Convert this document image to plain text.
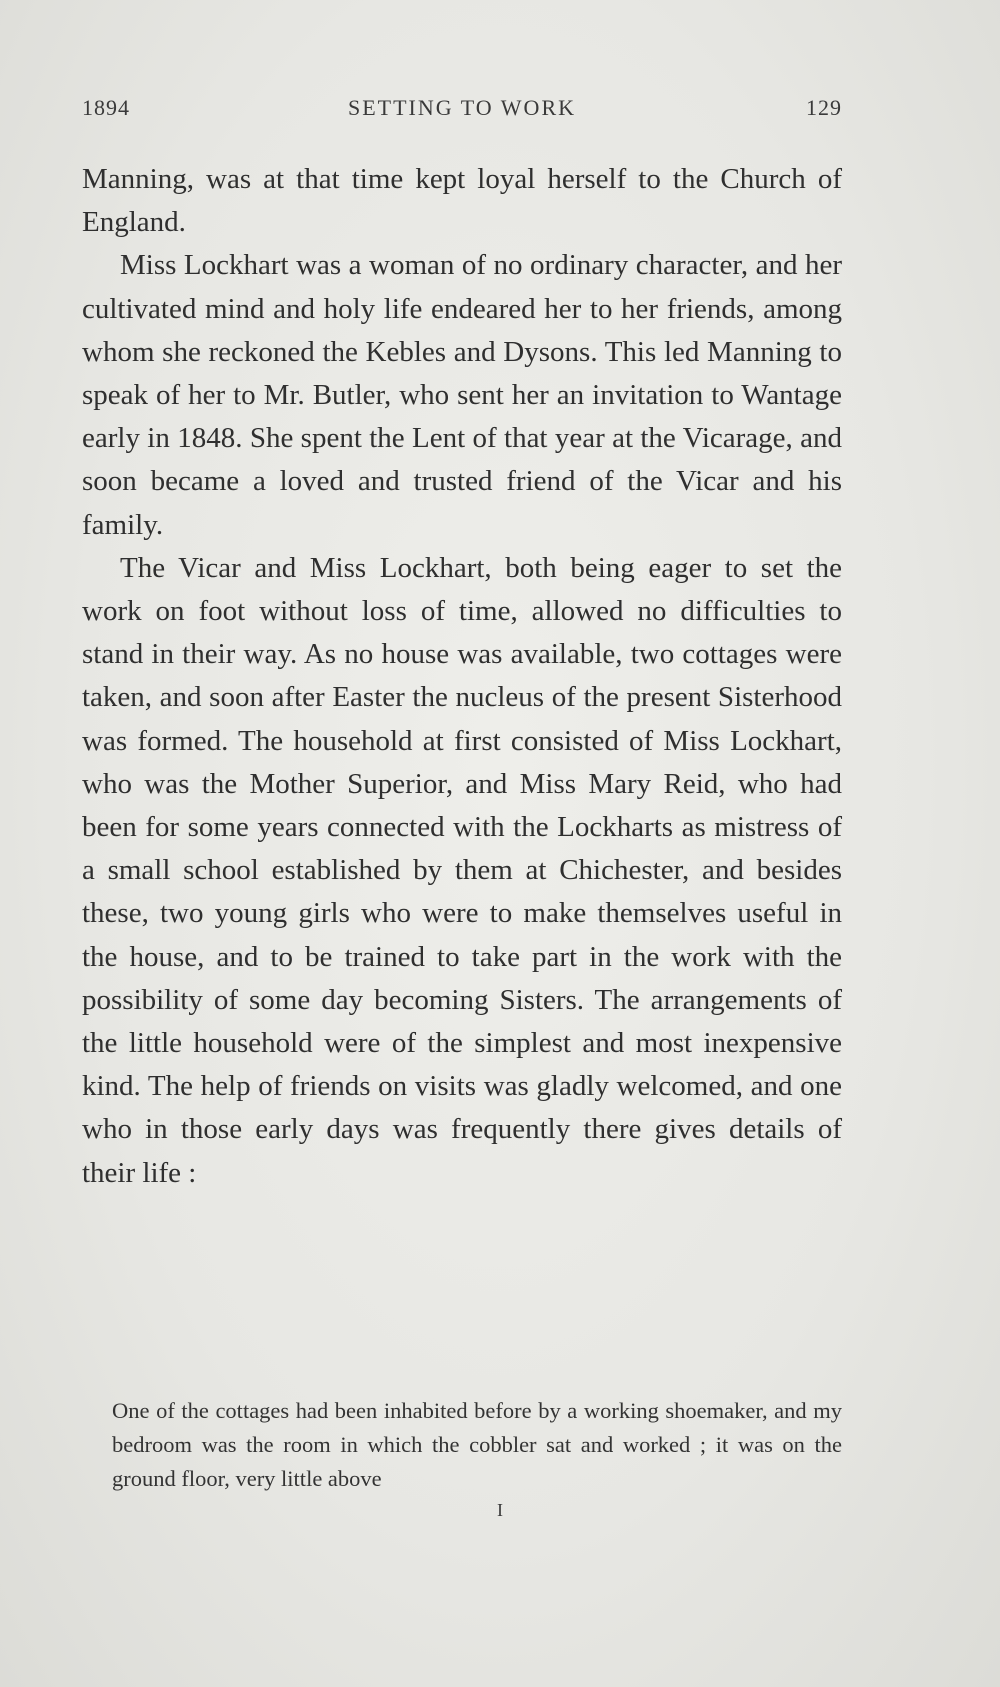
1894	SETTING TO WORK	129

Manning, was at that time kept loyal herself to the Church of England.

Miss Lockhart was a woman of no ordinary character, and her cultivated mind and holy life endeared her to her friends, among whom she reckoned the Kebles and Dysons. This led Manning to speak of her to Mr. Butler, who sent her an invitation to Wantage early in 1848. She spent the Lent of that year at the Vicarage, and soon became a loved and trusted friend of the Vicar and his family.

The Vicar and Miss Lockhart, both being eager to set the work on foot without loss of time, allowed no difficulties to stand in their way. As no house was available, two cottages were taken, and soon after Easter the nucleus of the present Sisterhood was formed. The household at first consisted of Miss Lockhart, who was the Mother Superior, and Miss Mary Reid, who had been for some years connected with the Lockharts as mistress of a small school established by them at Chichester, and besides these, two young girls who were to make themselves useful in the house, and to be trained to take part in the work with the possibility of some day becoming Sisters. The arrangements of the little household were of the simplest and most inexpensive kind. The help of friends on visits was gladly welcomed, and one who in those early days was frequently there gives details of their life :

One of the cottages had been inhabited before by a working shoemaker, and my bedroom was the room in which the cobbler sat and worked ; it was on the ground floor, very little above

I
